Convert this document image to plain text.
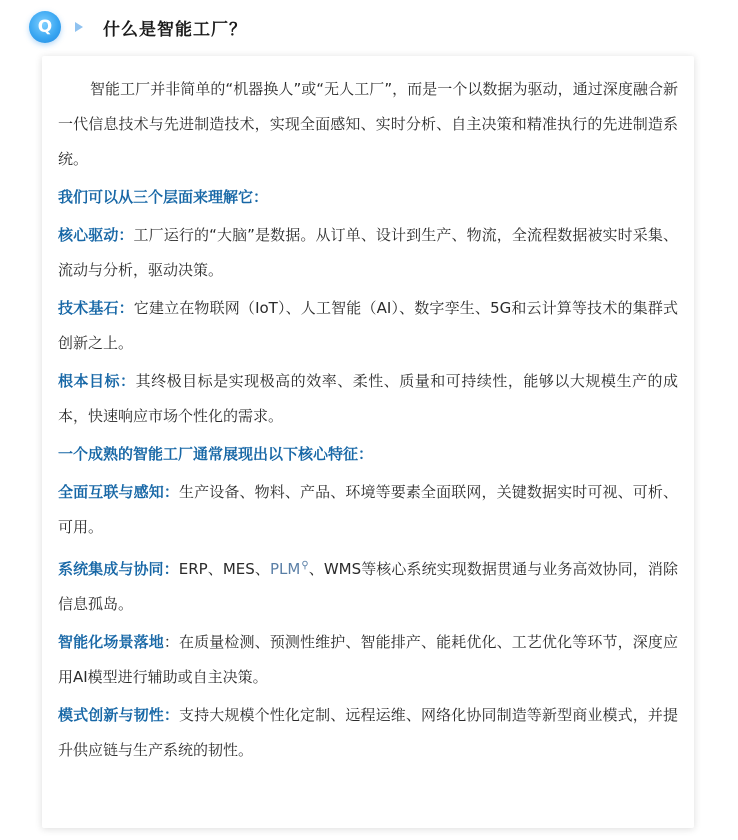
Q	什么是智能工厂？

智能工厂并非简单的“机器换人”或“无人工厂”，而是一个以数据为驱动，通过深度融合新一代信息技术与先进制造技术，实现全面感知、实时分析、自主决策和精准执行的先进制造系统。

我们可以从三个层面来理解它：

核心驱动：工厂运行的“大脑”是数据。从订单、设计到生产、物流，全流程数据被实时采集、流动与分析，驱动决策。

技术基石：它建立在物联网（IoT）、人工智能（AI）、数字孪生、5G和云计算等技术的集群式创新之上。

根本目标：其终极目标是实现极高的效率、柔性、质量和可持续性，能够以大规模生产的成本，快速响应市场个性化的需求。

一个成熟的智能工厂通常展现出以下核心特征：

全面互联与感知：生产设备、物料、产品、环境等要素全面联网，关键数据实时可视、可析、可用。

系统集成与协同：ERP、MES、PLM⚲、WMS等核心系统实现数据贯通与业务高效协同，消除信息孤岛。

智能化场景落地：在质量检测、预测性维护、智能排产、能耗优化、工艺优化等环节，深度应用AI模型进行辅助或自主决策。

模式创新与韧性：支持大规模个性化定制、远程运维、网络化协同制造等新型商业模式，并提升供应链与生产系统的韧性。
